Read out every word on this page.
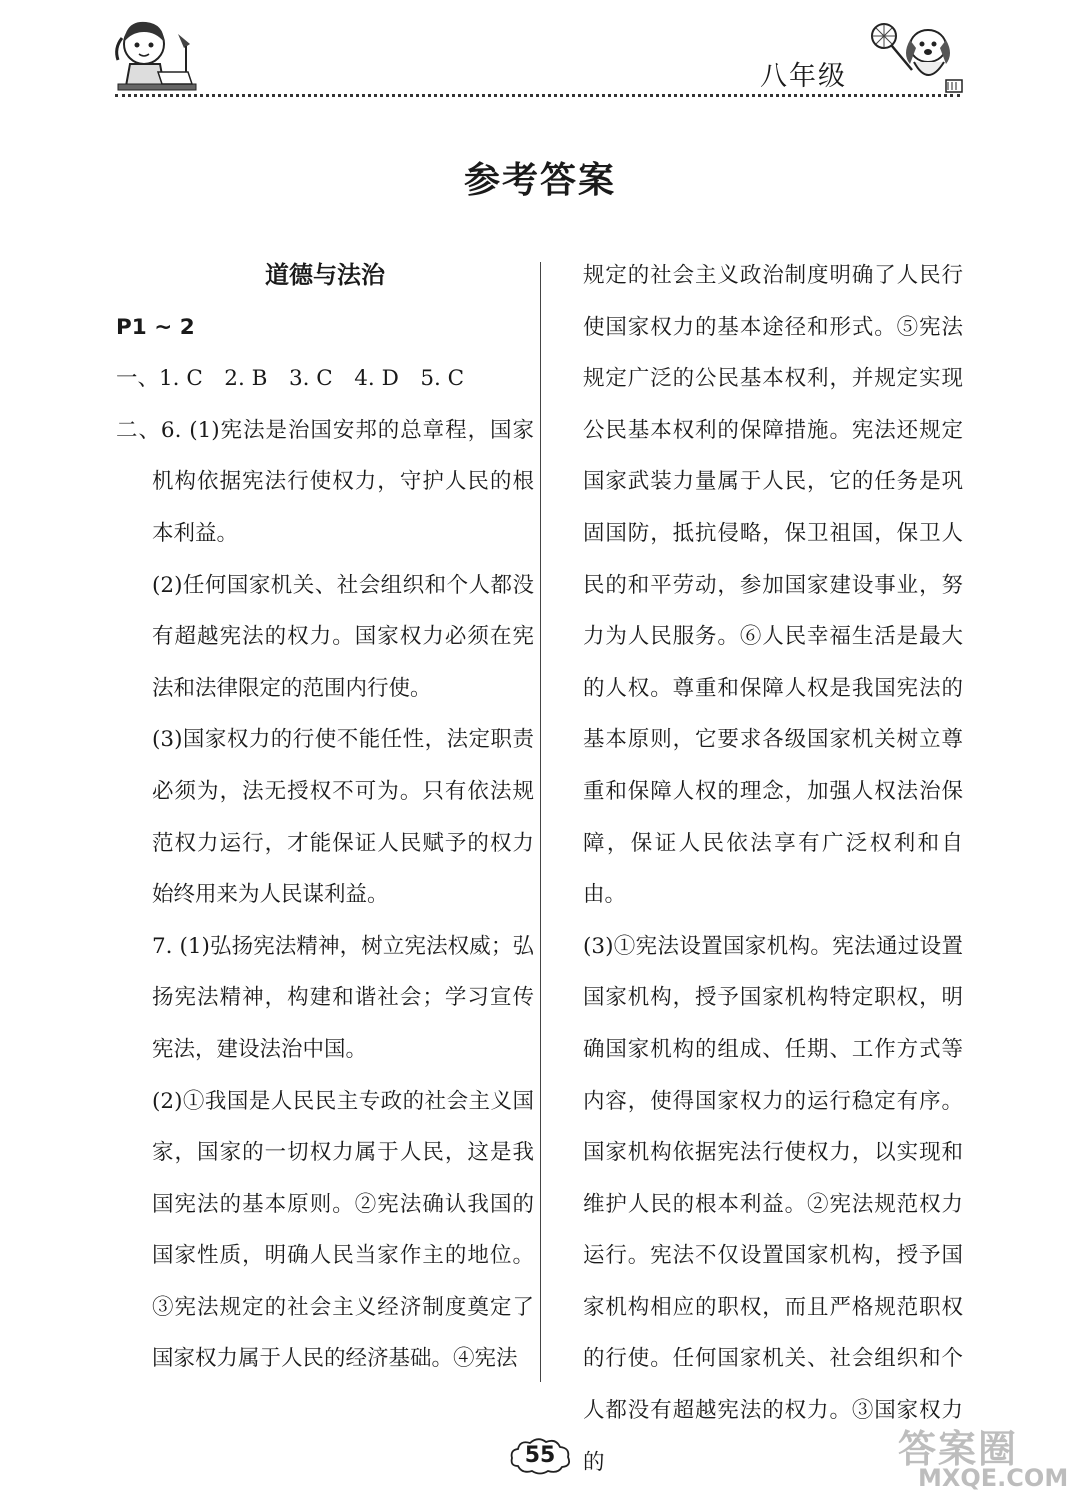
八年级
参考答案

道德与法治

P1 ~ 2

一、1. C　2. B　3. C　4. D　5. C

二、6. (1)宪法是治国安邦的总章程，国家机构依据宪法行使权力，守护人民的根本利益。

(2)任何国家机关、社会组织和个人都没有超越宪法的权力。国家权力必须在宪法和法律限定的范围内行使。

(3)国家权力的行使不能任性，法定职责必须为，法无授权不可为。只有依法规范权力运行，才能保证人民赋予的权力始终用来为人民谋利益。

7. (1)弘扬宪法精神，树立宪法权威；弘扬宪法精神，构建和谐社会；学习宣传宪法，建设法治中国。

(2)①我国是人民民主专政的社会主义国家，国家的一切权力属于人民，这是我国宪法的基本原则。②宪法确认我国的国家性质，明确人民当家作主的地位。③宪法规定的社会主义经济制度奠定了国家权力属于人民的经济基础。④宪法

规定的社会主义政治制度明确了人民行使国家权力的基本途径和形式。⑤宪法规定广泛的公民基本权利，并规定实现公民基本权利的保障措施。宪法还规定国家武装力量属于人民，它的任务是巩固国防，抵抗侵略，保卫祖国，保卫人民的和平劳动，参加国家建设事业，努力为人民服务。⑥人民幸福生活是最大的人权。尊重和保障人权是我国宪法的基本原则，它要求各级国家机关树立尊重和保障人权的理念，加强人权法治保障，保证人民依法享有广泛权利和自由。

(3)①宪法设置国家机构。宪法通过设置国家机构，授予国家机构特定职权，明确国家机构的组成、任期、工作方式等内容，使得国家权力的运行稳定有序。国家机构依据宪法行使权力，以实现和维护人民的根本利益。②宪法规范权力运行。宪法不仅设置国家机构，授予国家机构相应的职权，而且严格规范职权的行使。任何国家机关、社会组织和个人都没有超越宪法的权力。③国家权力的

55	答案圈
MXQE.COM
